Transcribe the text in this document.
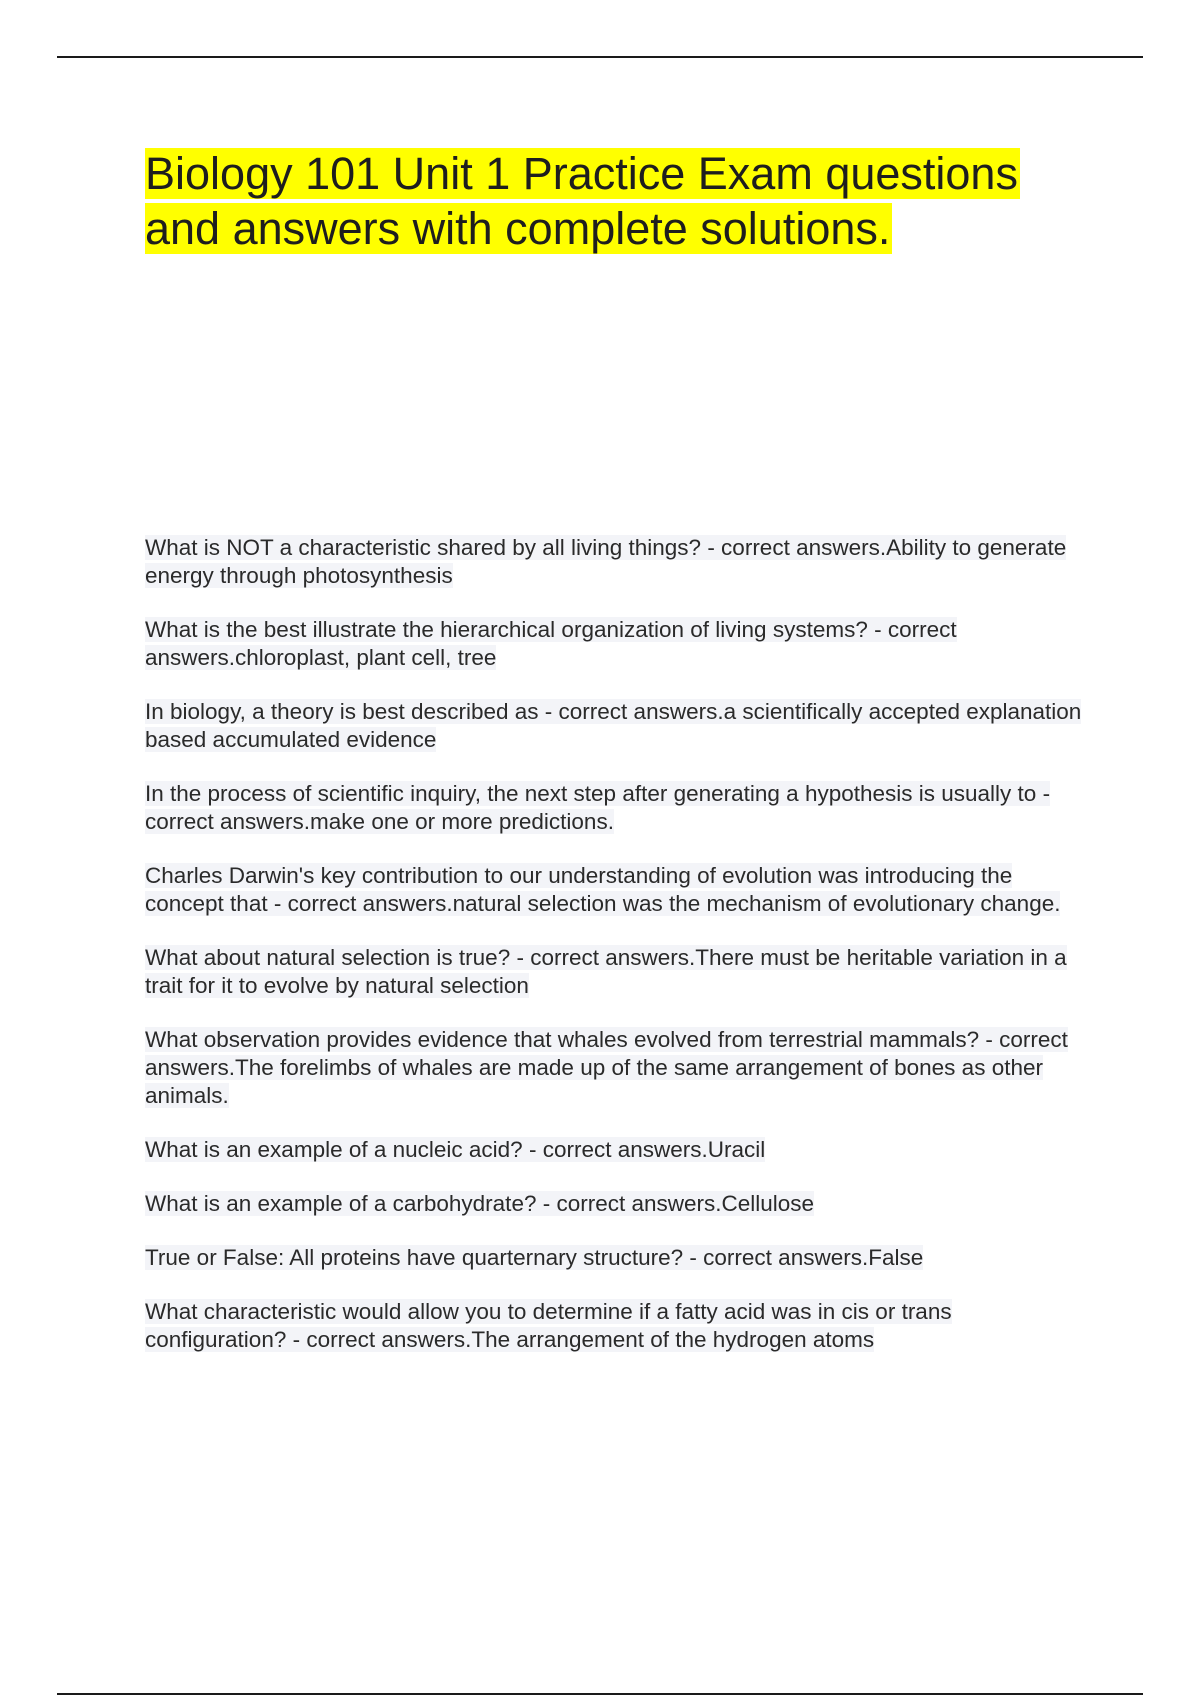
Biology 101 Unit 1 Practice Exam questions and answers with complete solutions.
What is NOT a characteristic shared by all living things? - correct answers.Ability to generate energy through photosynthesis
What is the best illustrate the hierarchical organization of living systems? - correct answers.chloroplast, plant cell, tree
In biology, a theory is best described as - correct answers.a scientifically accepted explanation based accumulated evidence
In the process of scientific inquiry, the next step after generating a hypothesis is usually to - correct answers.make one or more predictions.
Charles Darwin's key contribution to our understanding of evolution was introducing the concept that - correct answers.natural selection was the mechanism of evolutionary change.
What about natural selection is true? - correct answers.There must be heritable variation in a trait for it to evolve by natural selection
What observation provides evidence that whales evolved from terrestrial mammals? - correct answers.The forelimbs of whales are made up of the same arrangement of bones as other animals.
What is an example of a nucleic acid? - correct answers.Uracil
What is an example of a carbohydrate? - correct answers.Cellulose
True or False: All proteins have quarternary structure? - correct answers.False
What characteristic would allow you to determine if a fatty acid was in cis or trans configuration? - correct answers.The arrangement of the hydrogen atoms
